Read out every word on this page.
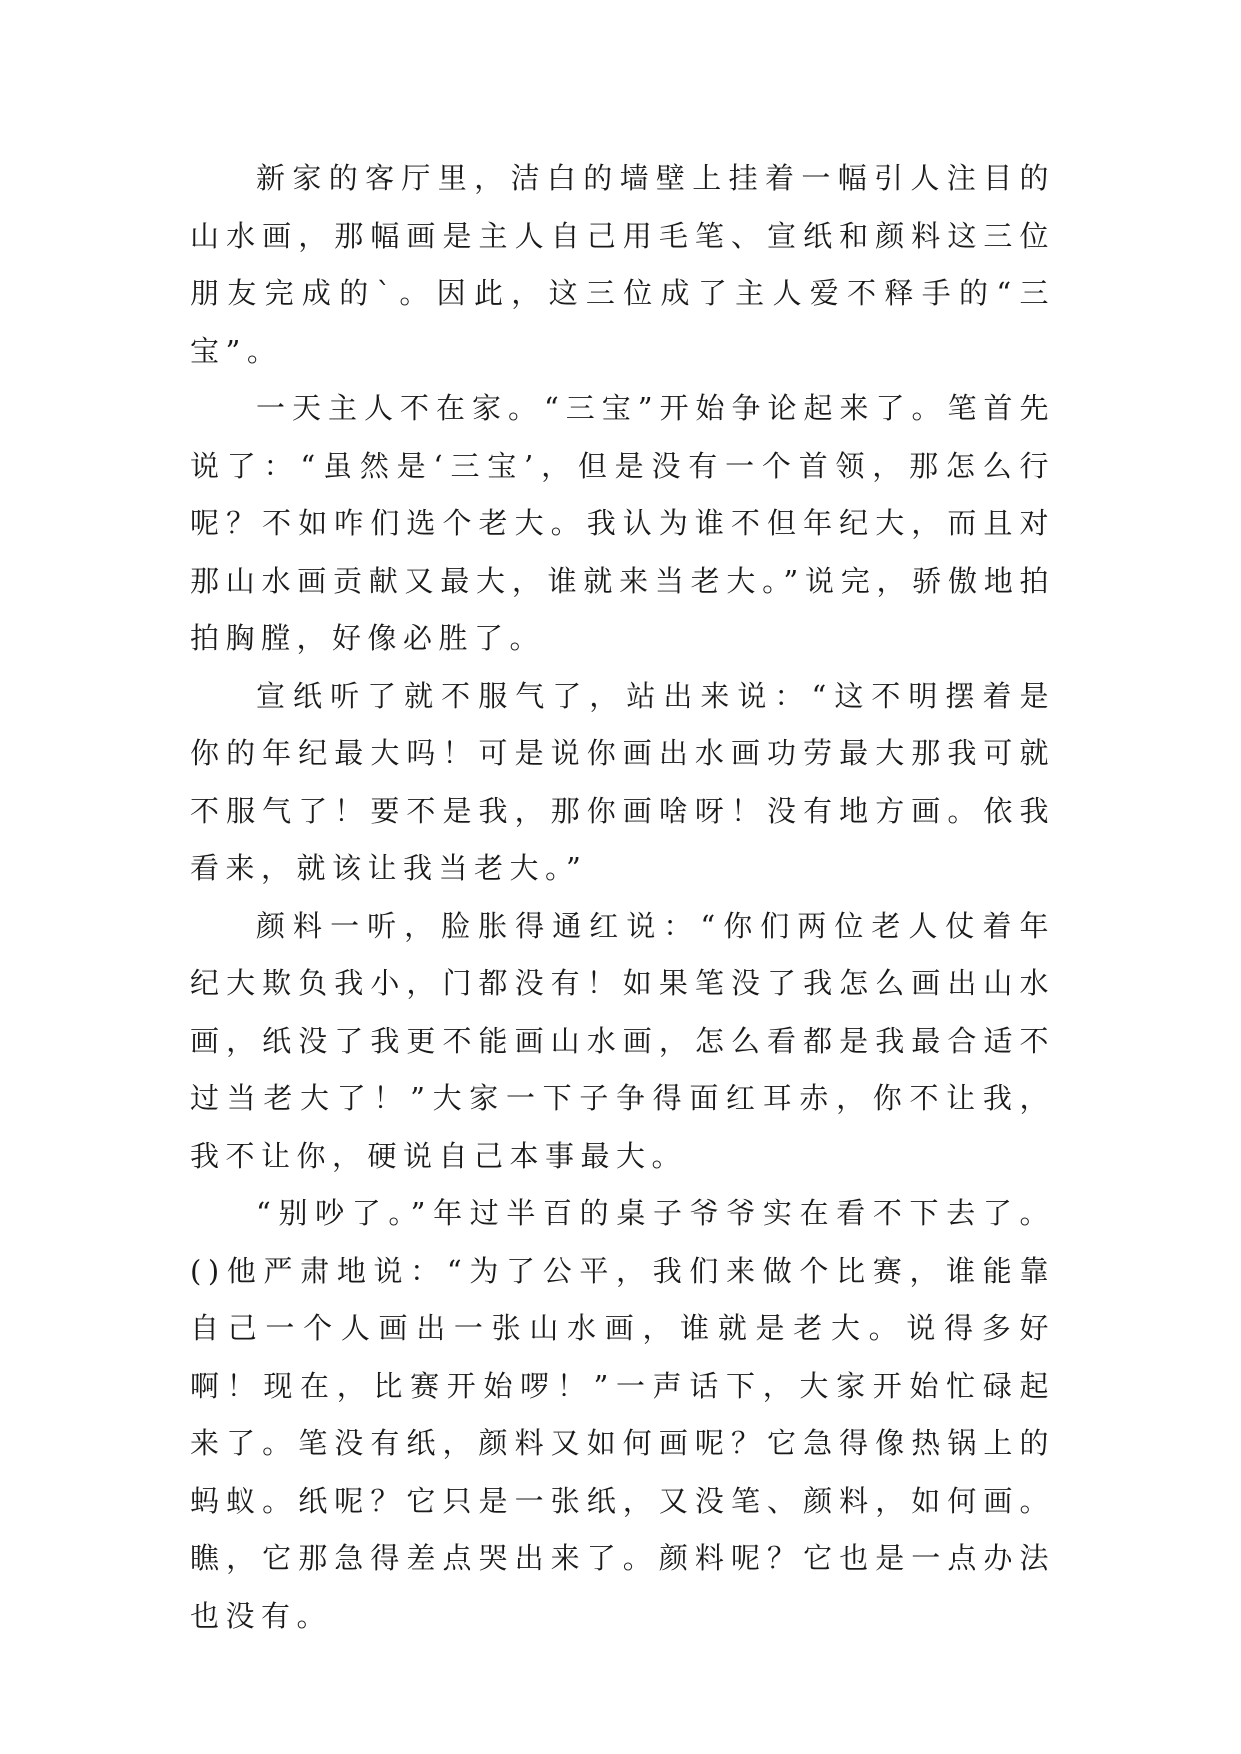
新家的客厅里，洁白的墙壁上挂着一幅引人注目的山水画，那幅画是主人自己用毛笔、宣纸和颜料这三位朋友完成的`。因此，这三位成了主人爱不释手的“三宝”。

一天主人不在家。“三宝”开始争论起来了。笔首先说了：“虽然是‘三宝’，但是没有一个首领，那怎么行呢？不如咋们选个老大。我认为谁不但年纪大，而且对那山水画贡献又最大，谁就来当老大。”说完，骄傲地拍拍胸膛，好像必胜了。

宣纸听了就不服气了，站出来说：“这不明摆着是你的年纪最大吗！可是说你画出水画功劳最大那我可就不服气了！要不是我，那你画啥呀！没有地方画。依我看来，就该让我当老大。”

颜料一听，脸胀得通红说：“你们两位老人仗着年纪大欺负我小，门都没有！如果笔没了我怎么画出山水画，纸没了我更不能画山水画，怎么看都是我最合适不过当老大了！”大家一下子争得面红耳赤，你不让我，我不让你，硬说自己本事最大。

“别吵了。”年过半百的桌子爷爷实在看不下去了。()他严肃地说：“为了公平，我们来做个比赛，谁能靠自己一个人画出一张山水画，谁就是老大。说得多好啊！现在，比赛开始啰！”一声话下，大家开始忙碌起来了。笔没有纸，颜料又如何画呢？它急得像热锅上的蚂蚁。纸呢？它只是一张纸，又没笔、颜料，如何画。瞧，它那急得差点哭出来了。颜料呢？它也是一点办法也没有。
